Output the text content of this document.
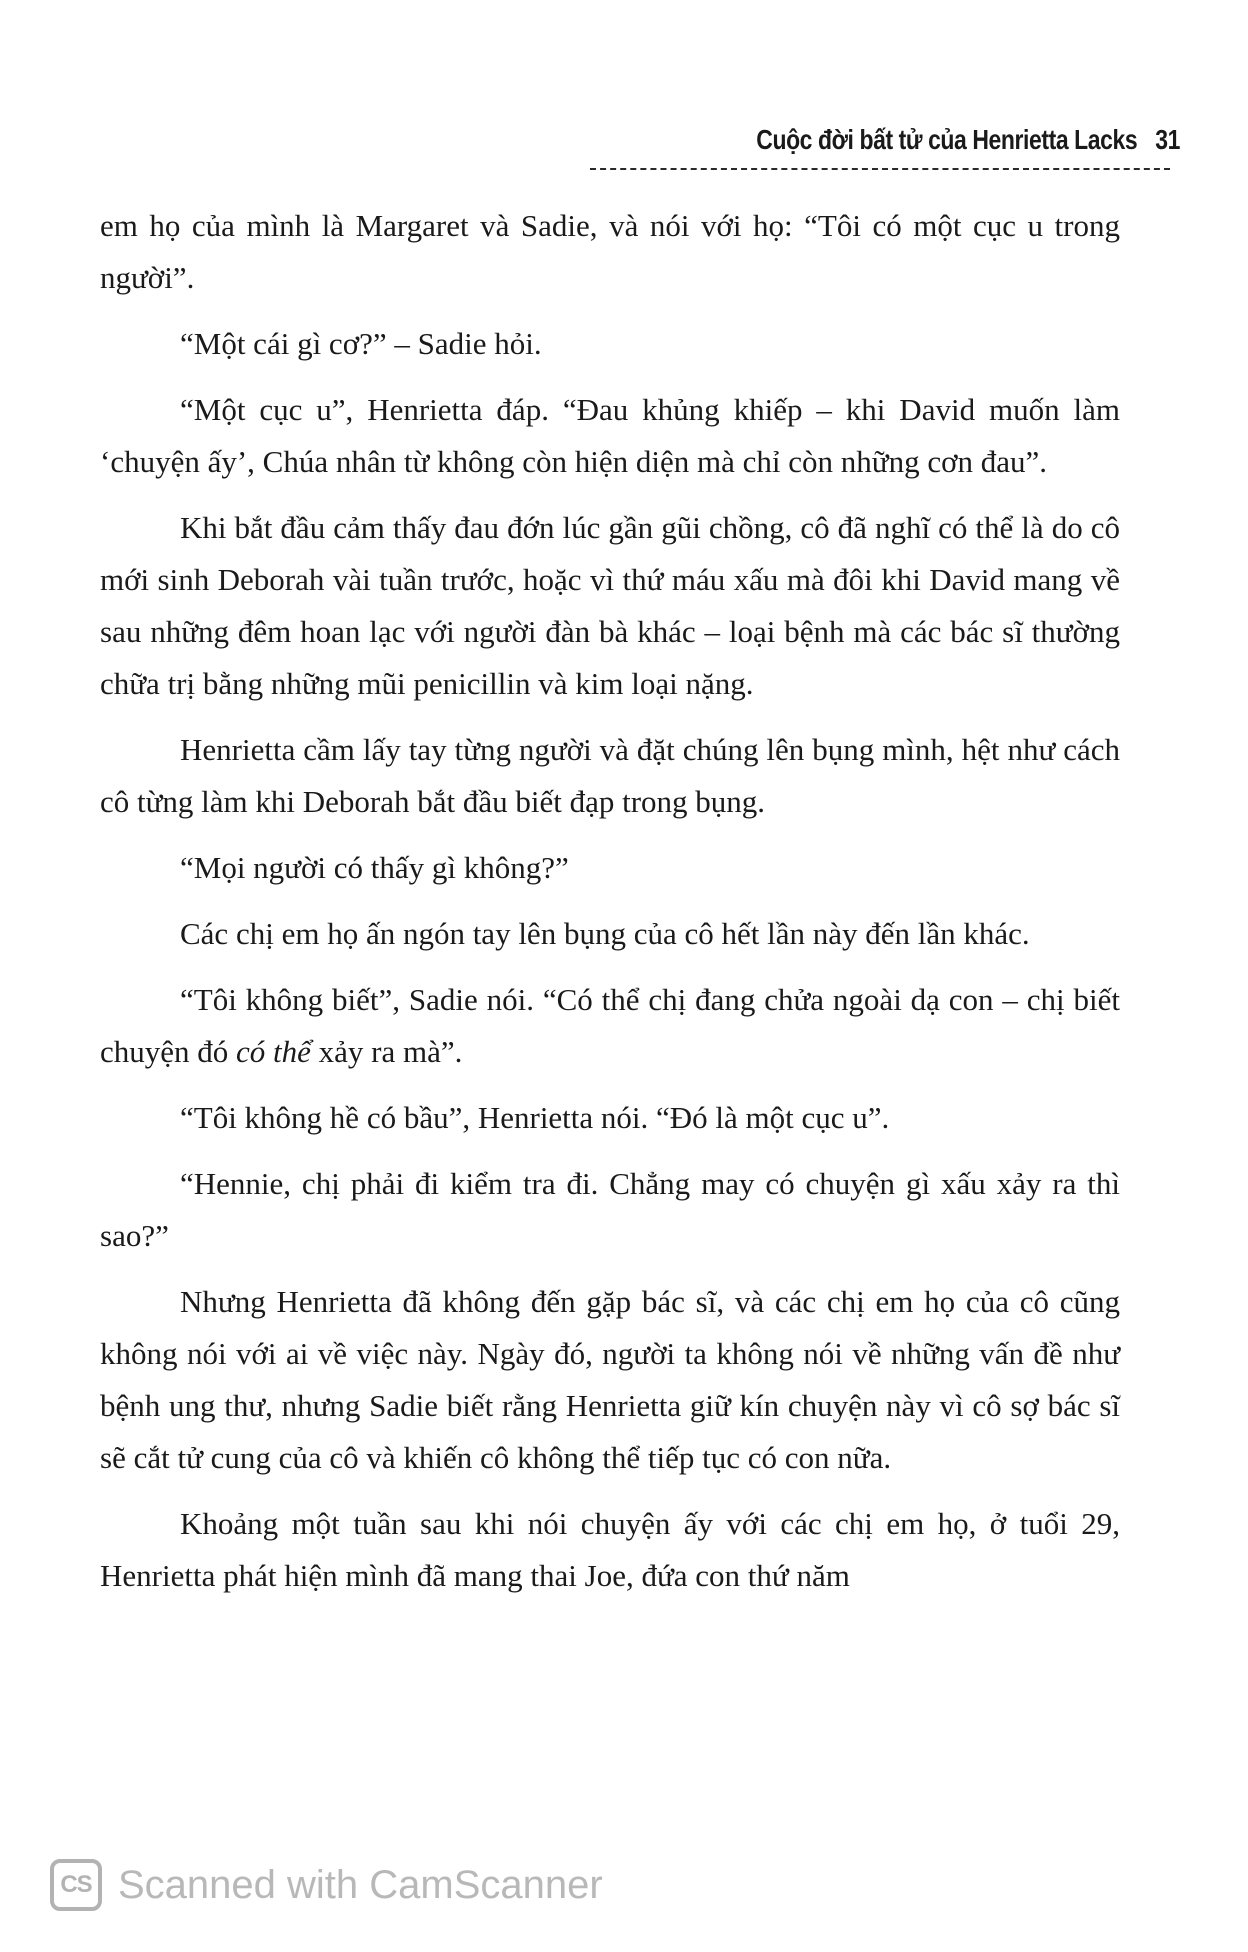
Cuộc đời bất tử của Henrietta Lacks 31

em họ của mình là Margaret và Sadie, và nói với họ: “Tôi có một cục u trong người”.

“Một cái gì cơ?” – Sadie hỏi.

“Một cục u”, Henrietta đáp. “Đau khủng khiếp – khi David muốn làm ‘chuyện ấy’, Chúa nhân từ không còn hiện diện mà chỉ còn những cơn đau”.

Khi bắt đầu cảm thấy đau đớn lúc gần gũi chồng, cô đã nghĩ có thể là do cô mới sinh Deborah vài tuần trước, hoặc vì thứ máu xấu mà đôi khi David mang về sau những đêm hoan lạc với người đàn bà khác – loại bệnh mà các bác sĩ thường chữa trị bằng những mũi penicillin và kim loại nặng.

Henrietta cầm lấy tay từng người và đặt chúng lên bụng mình, hệt như cách cô từng làm khi Deborah bắt đầu biết đạp trong bụng.

“Mọi người có thấy gì không?”

Các chị em họ ấn ngón tay lên bụng của cô hết lần này đến lần khác.

“Tôi không biết”, Sadie nói. “Có thể chị đang chửa ngoài dạ con – chị biết chuyện đó có thể xảy ra mà”.

“Tôi không hề có bầu”, Henrietta nói. “Đó là một cục u”.

“Hennie, chị phải đi kiểm tra đi. Chẳng may có chuyện gì xấu xảy ra thì sao?”

Nhưng Henrietta đã không đến gặp bác sĩ, và các chị em họ của cô cũng không nói với ai về việc này. Ngày đó, người ta không nói về những vấn đề như bệnh ung thư, nhưng Sadie biết rằng Henrietta giữ kín chuyện này vì cô sợ bác sĩ sẽ cắt tử cung của cô và khiến cô không thể tiếp tục có con nữa.

Khoảng một tuần sau khi nói chuyện ấy với các chị em họ, ở tuổi 29, Henrietta phát hiện mình đã mang thai Joe, đứa con thứ năm

CS Scanned with CamScanner
